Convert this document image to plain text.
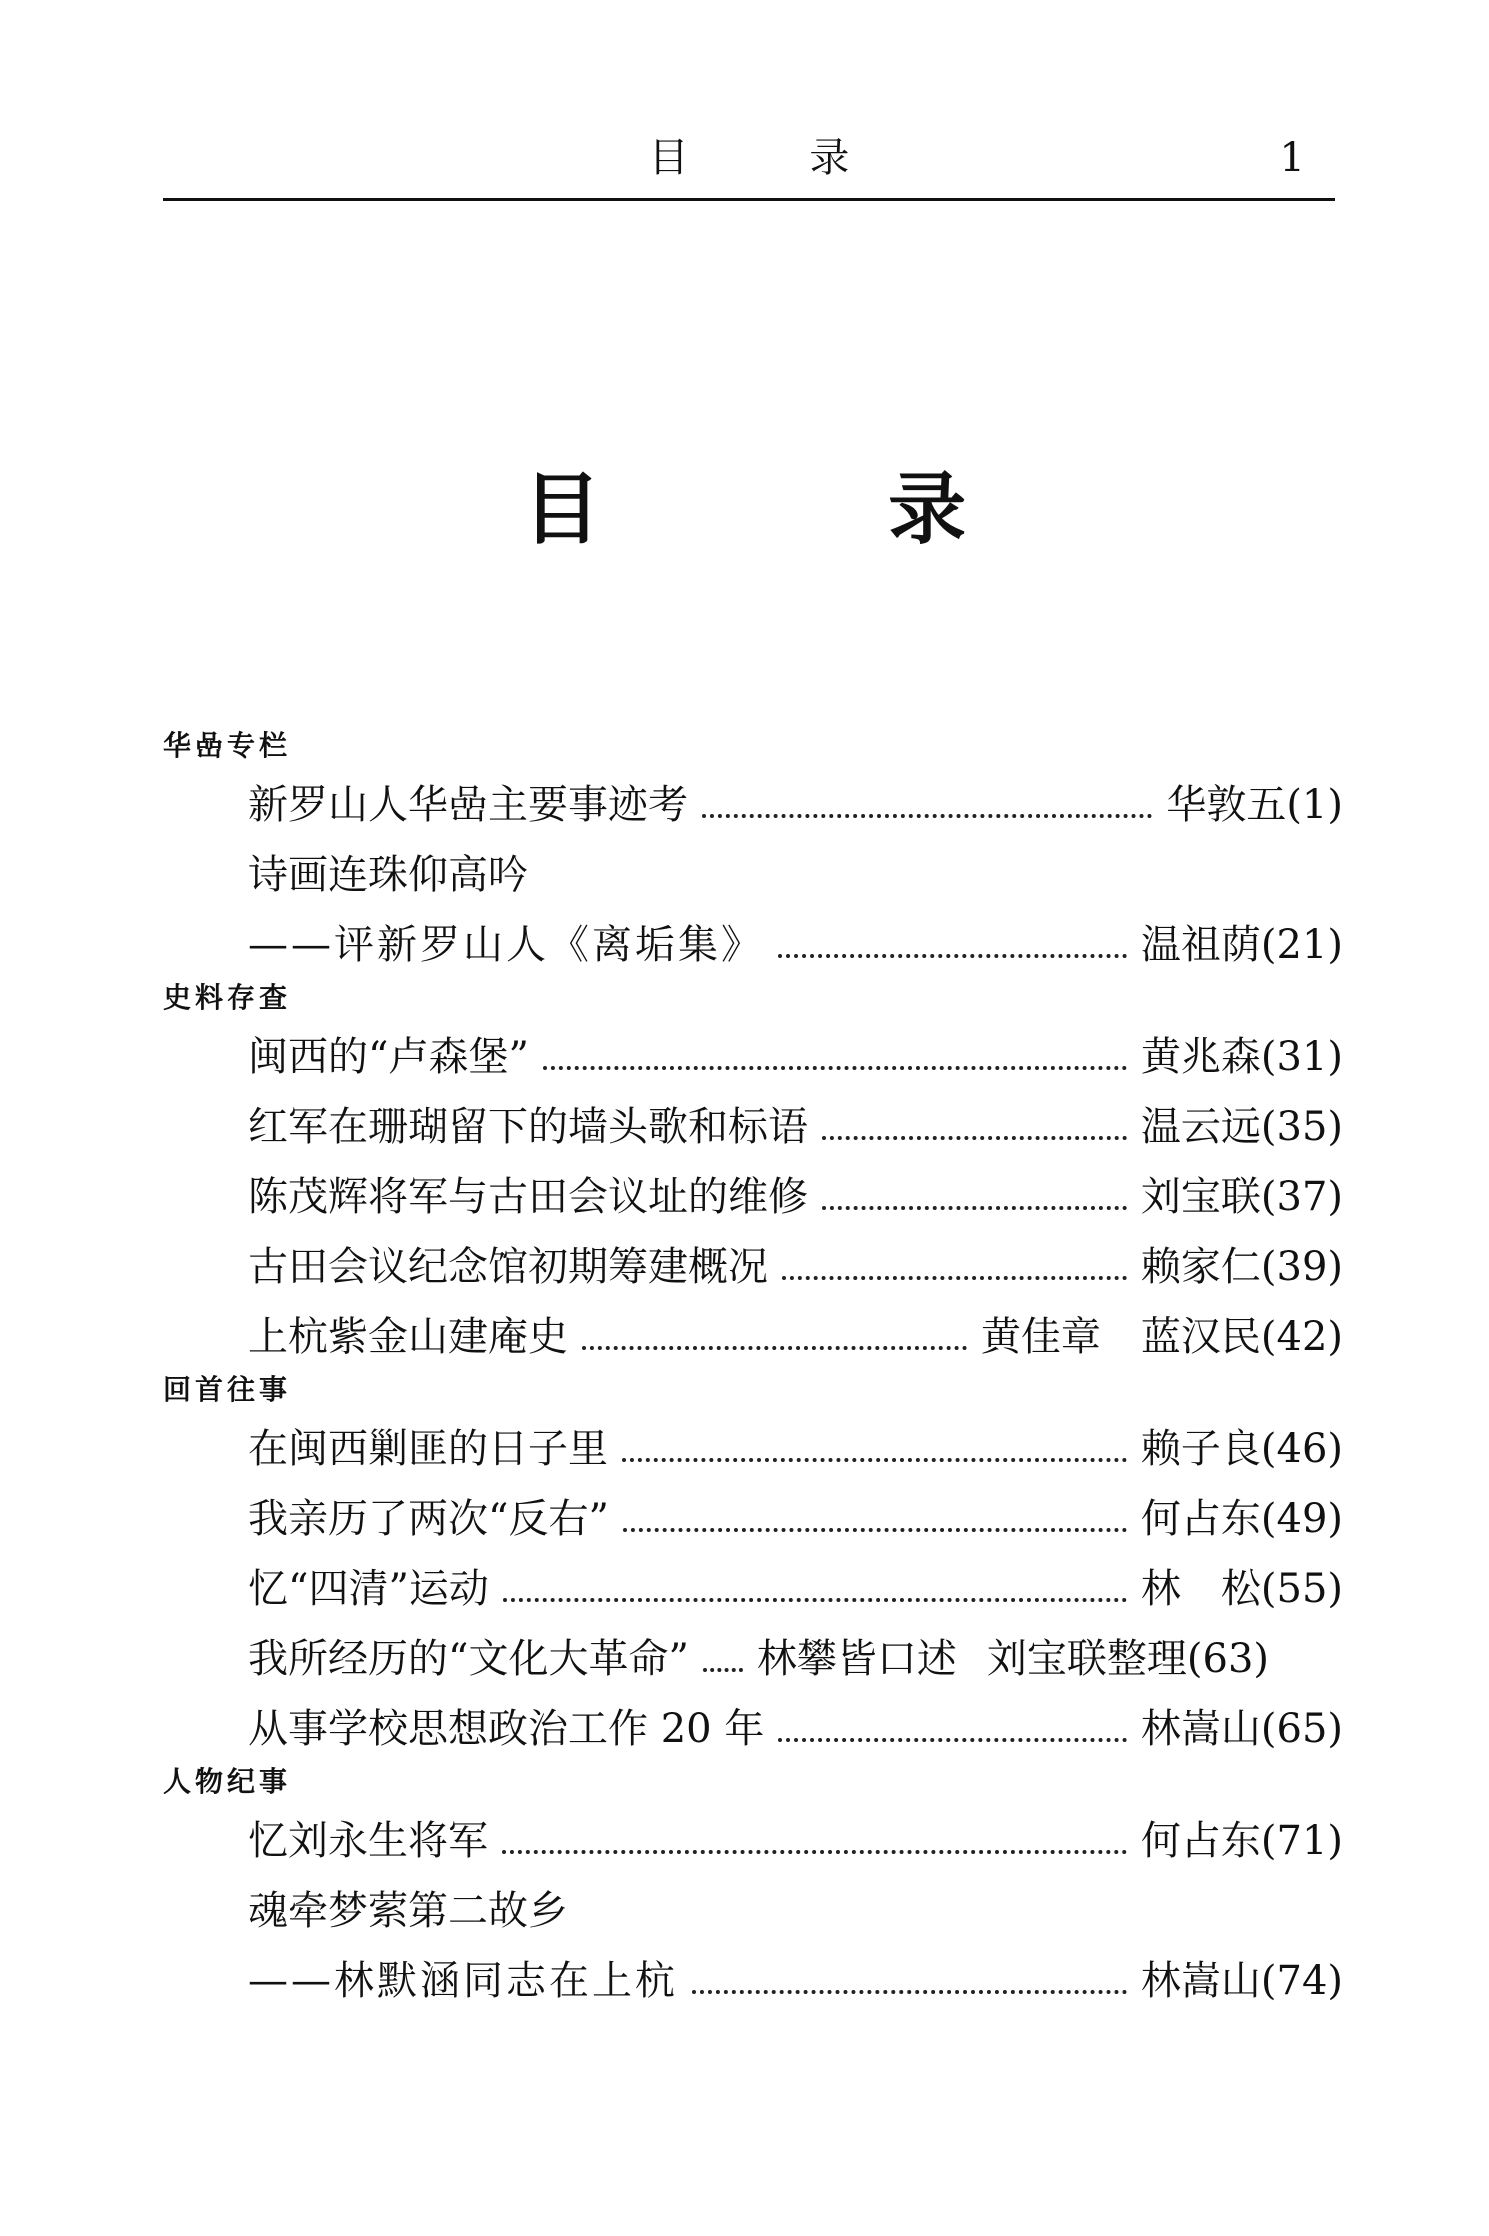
目 录	1
目 录
华嵒专栏
新罗山人华嵒主要事迹考	华敦五 (1)
诗画连珠仰高吟
——评新罗山人《离垢集》	温祖荫 (21)
史料存查
闽西的“卢森堡”	黄兆森 (31)
红军在珊瑚留下的墙头歌和标语	温云远 (35)
陈茂辉将军与古田会议址的维修	刘宝联 (37)
古田会议纪念馆初期筹建概况	赖家仁 (39)
上杭紫金山建庵史	黄佳章 蓝汉民 (42)
回首往事
在闽西剿匪的日子里	赖子良 (46)
我亲历了两次“反右”	何占东 (49)
忆“四清”运动	林　松 (55)
我所经历的“文化大革命” 林攀皆口述 刘宝联整理 (63)
从事学校思想政治工作 20 年	林嵩山 (65)
人物纪事
忆刘永生将军	何占东 (71)
魂牵梦萦第二故乡
——林默涵同志在上杭	林嵩山 (74)
